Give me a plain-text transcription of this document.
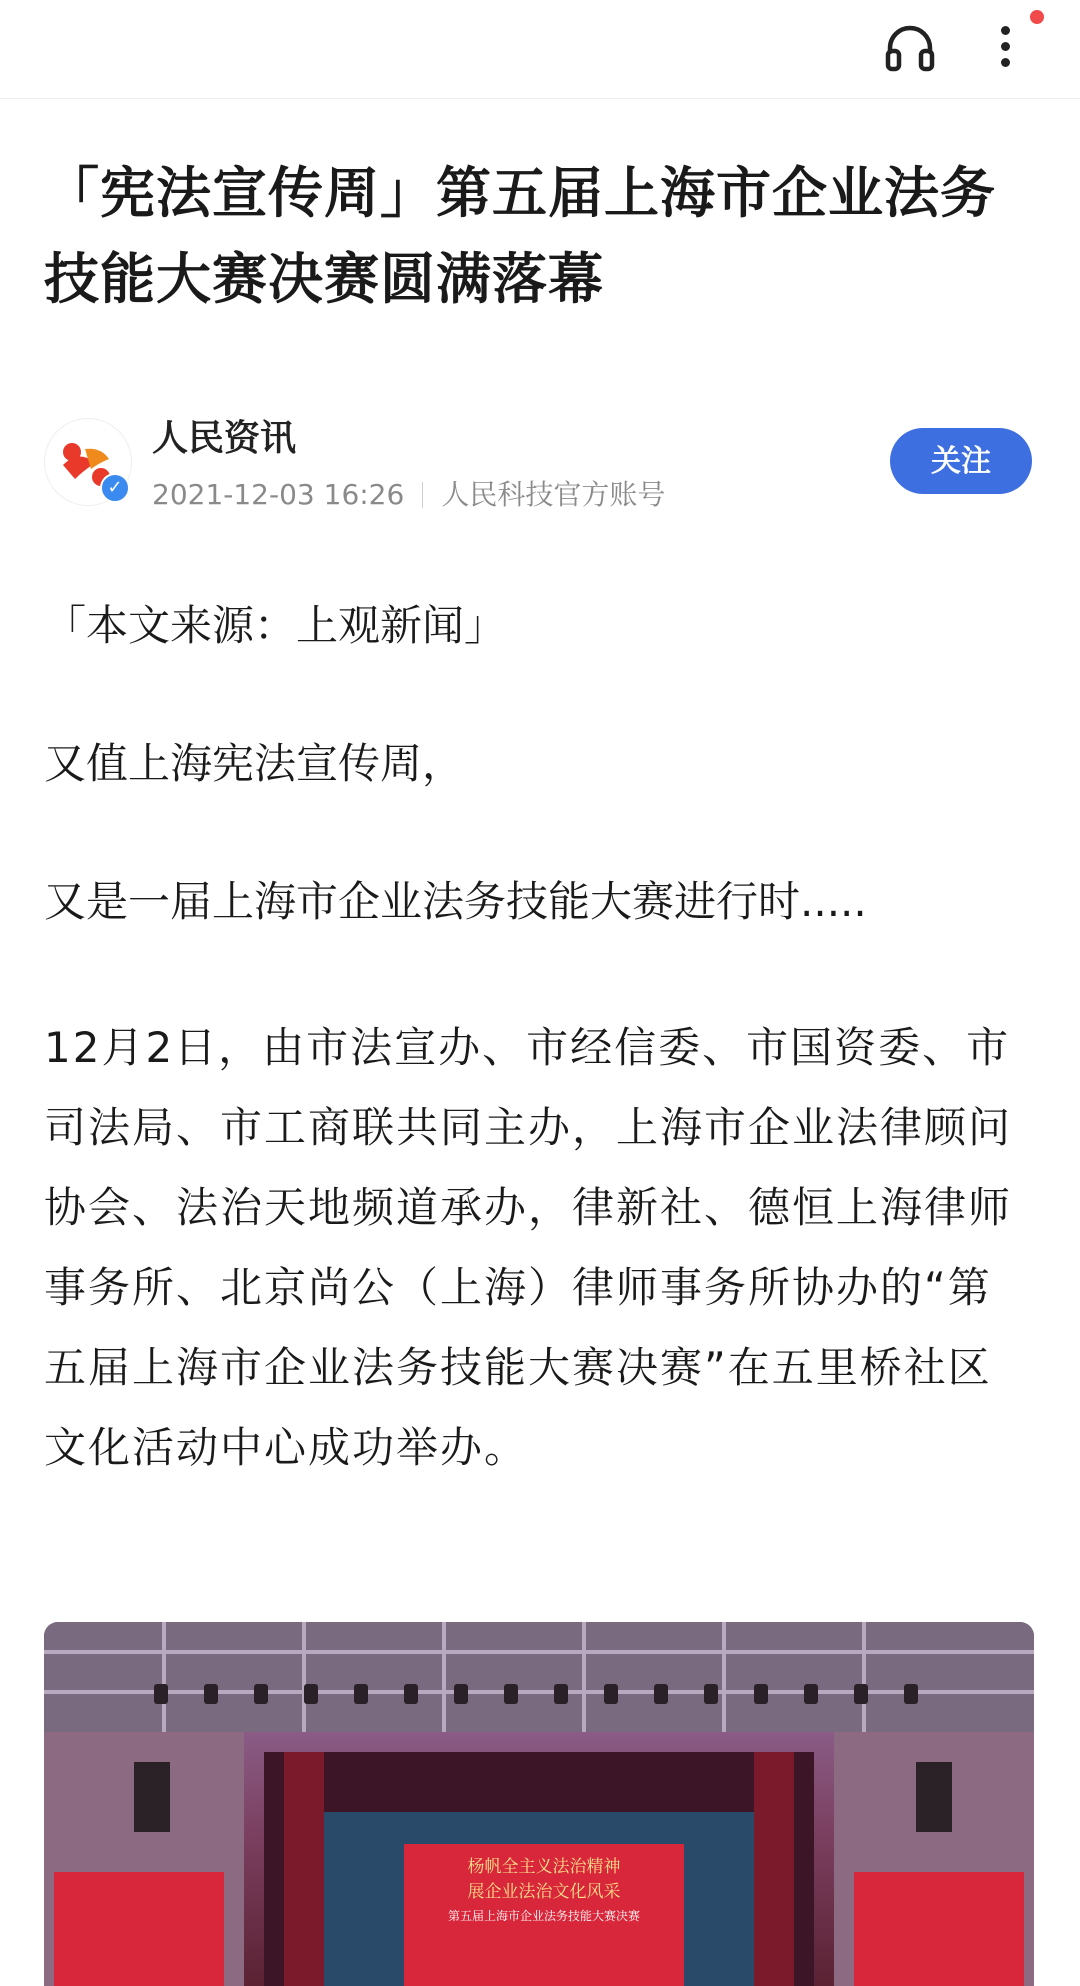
「宪法宣传周」第五届上海市企业法务技能大赛决赛圆满落幕
✓
人民资讯
2021-12-03 16:26 人民科技官方账号
关注

「本文来源：上观新闻」

又值上海宪法宣传周，

又是一届上海市企业法务技能大赛进行时.....

12月2日，由市法宣办、市经信委、市国资委、市司法局、市工商联共同主办，上海市企业法律顾问协会、法治天地频道承办，律新社、德恒上海律师事务所、北京尚公（上海）律师事务所协办的“第五届上海市企业法务技能大赛决赛”在五里桥社区文化活动中心成功举办。

杨帆全主义法治精神
展企业法治文化风采
第五届上海市企业法务技能大赛决赛
